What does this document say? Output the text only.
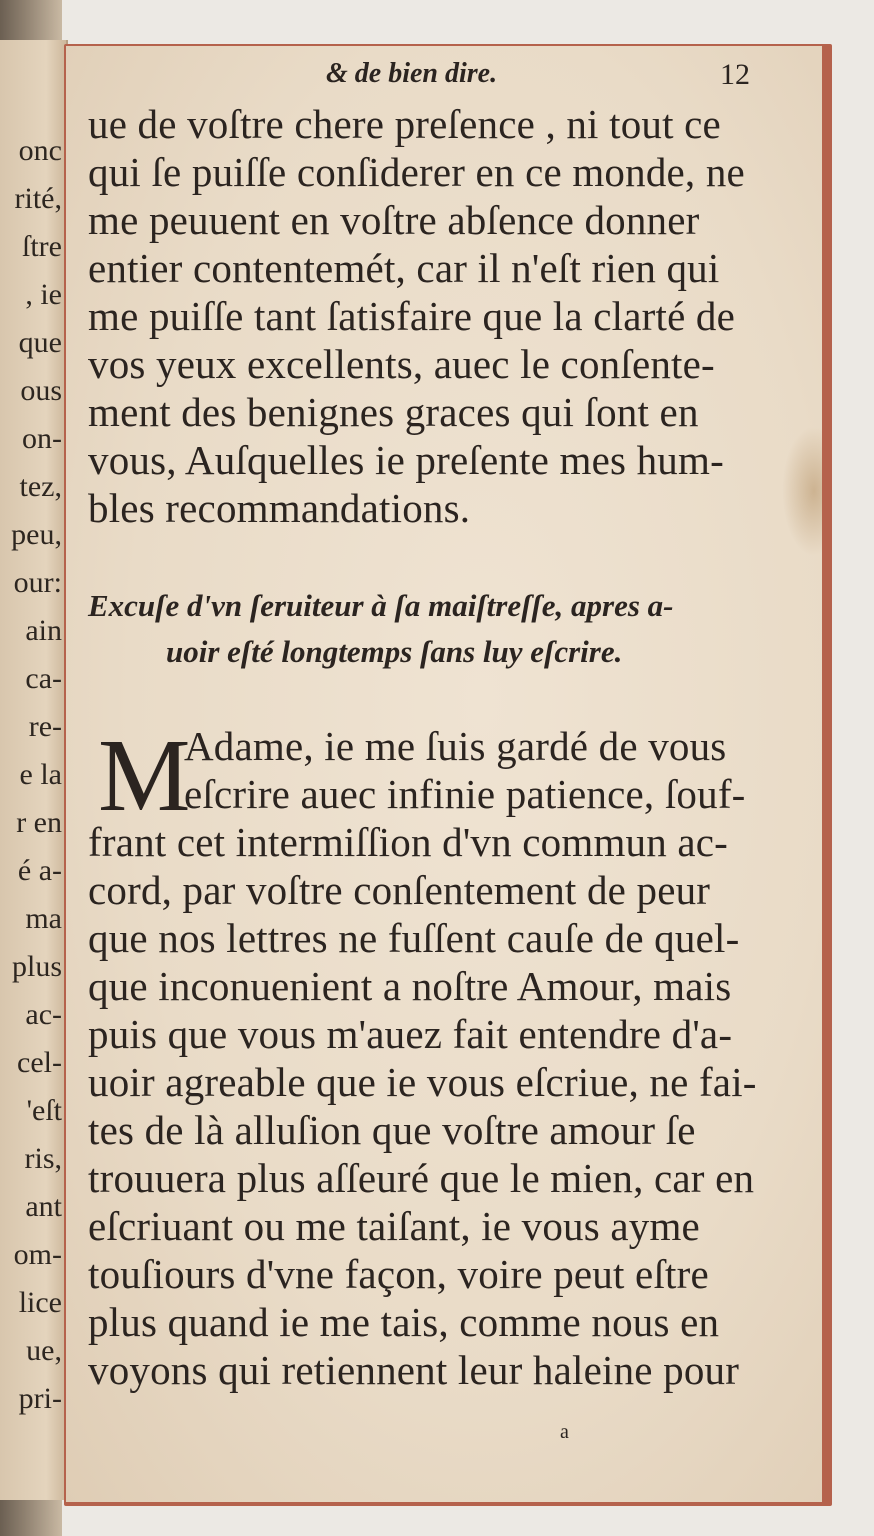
onc
rité,
ſtre
, ie
que
ous
on-
tez,
peu,
our:
ain
ca-
re-
e la
r en
é a-
ma
plus
ac-
cel-
'eſt
ris,
ant
om-
lice
ue,
pri-
& de bien dire.	12
ue de voſtre chere preſence , ni tout ce
qui ſe puiſſe conſiderer en ce monde, ne
me peuuent en voſtre abſence donner
entier contentemét, car il n'eſt rien qui
me puiſſe tant ſatisfaire que la clarté de
vos yeux excellents, auec le conſente-
ment des benignes graces qui ſont en
vous, Auſquelles ie preſente mes hum-
bles recommandations.
Excuſe d'vn ſeruiteur à ſa maiſtreſſe, apres a-
uoir eſté longtemps ſans luy eſcrire.
M
Adame, ie me ſuis gardé de vous
eſcrire auec infinie patience, ſouf-
frant cet intermiſſion d'vn commun ac-
cord, par voſtre conſentement de peur
que nos lettres ne fuſſent cauſe de quel-
que inconuenient a noſtre Amour, mais
puis que vous m'auez fait entendre d'a-
uoir agreable que ie vous eſcriue, ne fai-
tes de là alluſion que voſtre amour ſe
trouuera plus aſſeuré que le mien, car en
eſcriuant ou me taiſant, ie vous ayme
touſiours d'vne façon, voire peut eſtre
plus quand ie me tais, comme nous en
voyons qui retiennent leur haleine pour
a
